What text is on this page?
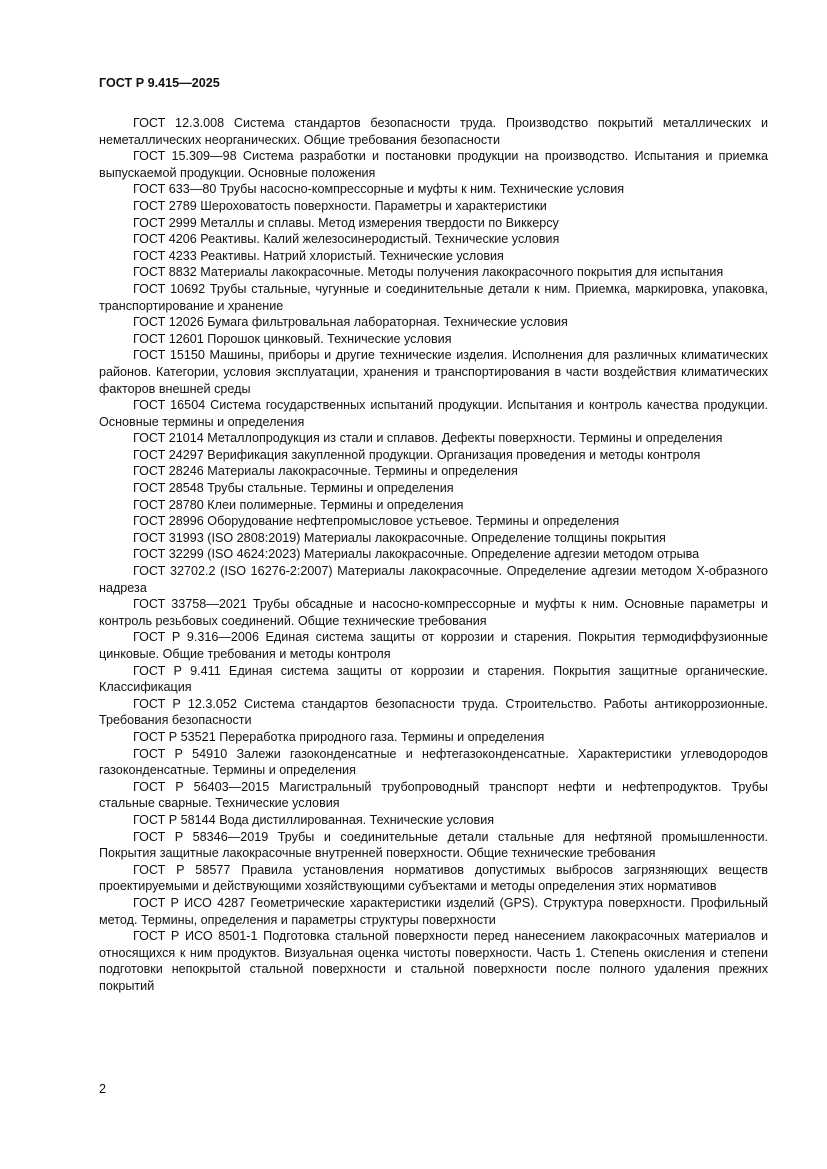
ГОСТ Р 9.415—2025

ГОСТ 12.3.008 Система стандартов безопасности труда. Производство покрытий металлических и неметаллических неорганических. Общие требования безопасности

ГОСТ 15.309—98 Система разработки и постановки продукции на производство. Испытания и приемка выпускаемой продукции. Основные положения

ГОСТ 633—80 Трубы насосно-компрессорные и муфты к ним. Технические условия

ГОСТ 2789 Шероховатость поверхности. Параметры и характеристики

ГОСТ 2999 Металлы и сплавы. Метод измерения твердости по Виккерсу

ГОСТ 4206 Реактивы. Калий железосинеродистый. Технические условия

ГОСТ 4233 Реактивы. Натрий хлористый. Технические условия

ГОСТ 8832 Материалы лакокрасочные. Методы получения лакокрасочного покрытия для испытания

ГОСТ 10692 Трубы стальные, чугунные и соединительные детали к ним. Приемка, маркировка, упаковка, транспортирование и хранение

ГОСТ 12026 Бумага фильтровальная лабораторная. Технические условия

ГОСТ 12601 Порошок цинковый. Технические условия

ГОСТ 15150 Машины, приборы и другие технические изделия. Исполнения для различных климатических районов. Категории, условия эксплуатации, хранения и транспортирования в части воздействия климатических факторов внешней среды

ГОСТ 16504 Система государственных испытаний продукции. Испытания и контроль качества продукции. Основные термины и определения

ГОСТ 21014 Металлопродукция из стали и сплавов. Дефекты поверхности. Термины и определения

ГОСТ 24297 Верификация закупленной продукции. Организация проведения и методы контроля

ГОСТ 28246 Материалы лакокрасочные. Термины и определения

ГОСТ 28548 Трубы стальные. Термины и определения

ГОСТ 28780 Клеи полимерные. Термины и определения

ГОСТ 28996 Оборудование нефтепромысловое устьевое. Термины и определения

ГОСТ 31993 (ISO 2808:2019) Материалы лакокрасочные. Определение толщины покрытия

ГОСТ 32299 (ISO 4624:2023) Материалы лакокрасочные. Определение адгезии методом отрыва

ГОСТ 32702.2 (ISO 16276-2:2007) Материалы лакокрасочные. Определение адгезии методом Х-образного надреза

ГОСТ 33758—2021 Трубы обсадные и насосно-компрессорные и муфты к ним. Основные параметры и контроль резьбовых соединений. Общие технические требования

ГОСТ Р 9.316—2006 Единая система защиты от коррозии и старения. Покрытия термодиффузионные цинковые. Общие требования и методы контроля

ГОСТ Р 9.411 Единая система защиты от коррозии и старения. Покрытия защитные органические. Классификация

ГОСТ Р 12.3.052 Система стандартов безопасности труда. Строительство. Работы антикоррозионные. Требования безопасности

ГОСТ Р 53521 Переработка природного газа. Термины и определения

ГОСТ Р 54910 Залежи газоконденсатные и нефтегазоконденсатные. Характеристики углеводородов газоконденсатные. Термины и определения

ГОСТ Р 56403—2015 Магистральный трубопроводный транспорт нефти и нефтепродуктов. Трубы стальные сварные. Технические условия

ГОСТ Р 58144 Вода дистиллированная. Технические условия

ГОСТ Р 58346—2019 Трубы и соединительные детали стальные для нефтяной промышленности. Покрытия защитные лакокрасочные внутренней поверхности. Общие технические требования

ГОСТ Р 58577 Правила установления нормативов допустимых выбросов загрязняющих веществ проектируемыми и действующими хозяйствующими субъектами и методы определения этих нормативов

ГОСТ Р ИСО 4287 Геометрические характеристики изделий (GPS). Структура поверхности. Профильный метод. Термины, определения и параметры структуры поверхности

ГОСТ Р ИСО 8501-1 Подготовка стальной поверхности перед нанесением лакокрасочных материалов и относящихся к ним продуктов. Визуальная оценка чистоты поверхности. Часть 1. Степень окисления и степени подготовки непокрытой стальной поверхности и стальной поверхности после полного удаления прежних покрытий

2
